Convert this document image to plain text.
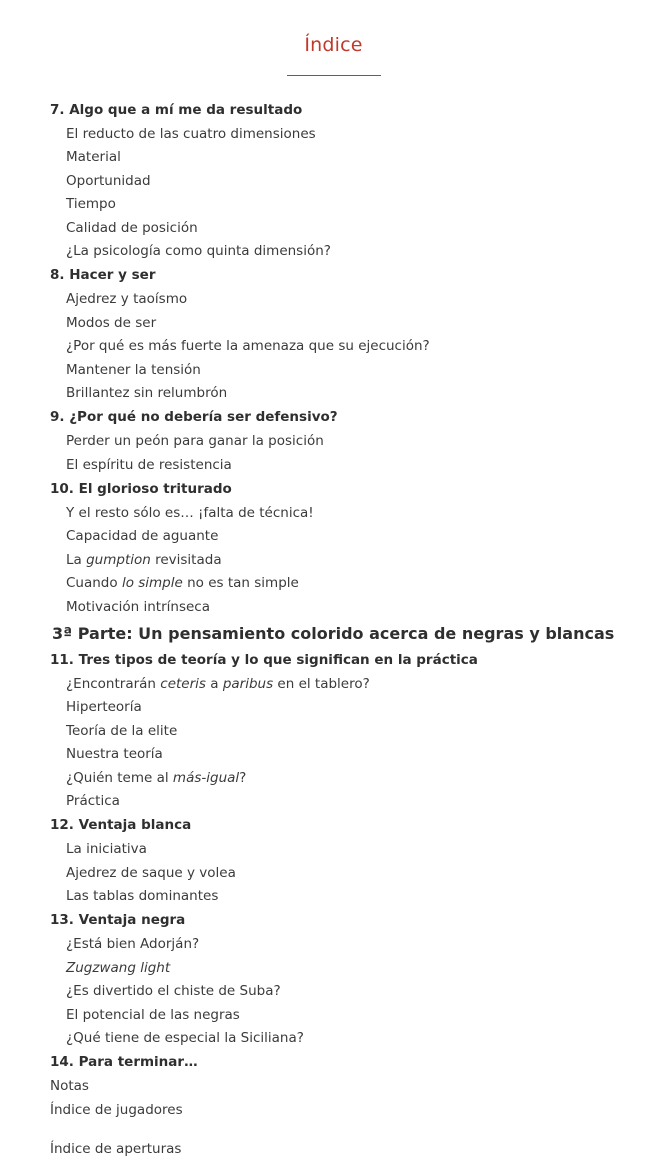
Índice
7. Algo que a mí me da resultado
El reducto de las cuatro dimensiones
Material
Oportunidad
Tiempo
Calidad de posición
¿La psicología como quinta dimensión?
8. Hacer y ser
Ajedrez y taoísmo
Modos de ser
¿Por qué es más fuerte la amenaza que su ejecución?
Mantener la tensión
Brillantez sin relumbrón
9. ¿Por qué no debería ser defensivo?
Perder un peón para ganar la posición
El espíritu de resistencia
10. El glorioso triturado
Y el resto sólo es… ¡falta de técnica!
Capacidad de aguante
La gumption revisitada
Cuando lo simple no es tan simple
Motivación intrínseca
3ª Parte: Un pensamiento colorido acerca de negras y blancas
11. Tres tipos de teoría y lo que significan en la práctica
¿Encontrarán ceteris a paribus en el tablero?
Hiperteoría
Teoría de la elite
Nuestra teoría
¿Quién teme al más-igual?
Práctica
12. Ventaja blanca
La iniciativa
Ajedrez de saque y volea
Las tablas dominantes
13. Ventaja negra
¿Está bien Adorján?
Zugzwang light
¿Es divertido el chiste de Suba?
El potencial de las negras
¿Qué tiene de especial la Siciliana?
14. Para terminar…
Notas
Índice de jugadores
Índice de aperturas
